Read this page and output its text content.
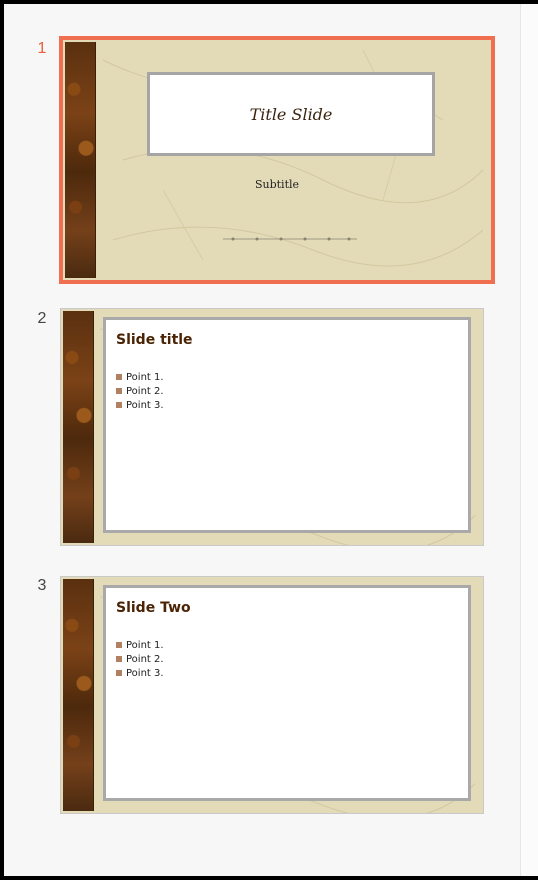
1
Title Slide
Subtitle
2
Slide title
Point 1.
Point 2.
Point 3.
3
Slide Two
Point 1.
Point 2.
Point 3.
